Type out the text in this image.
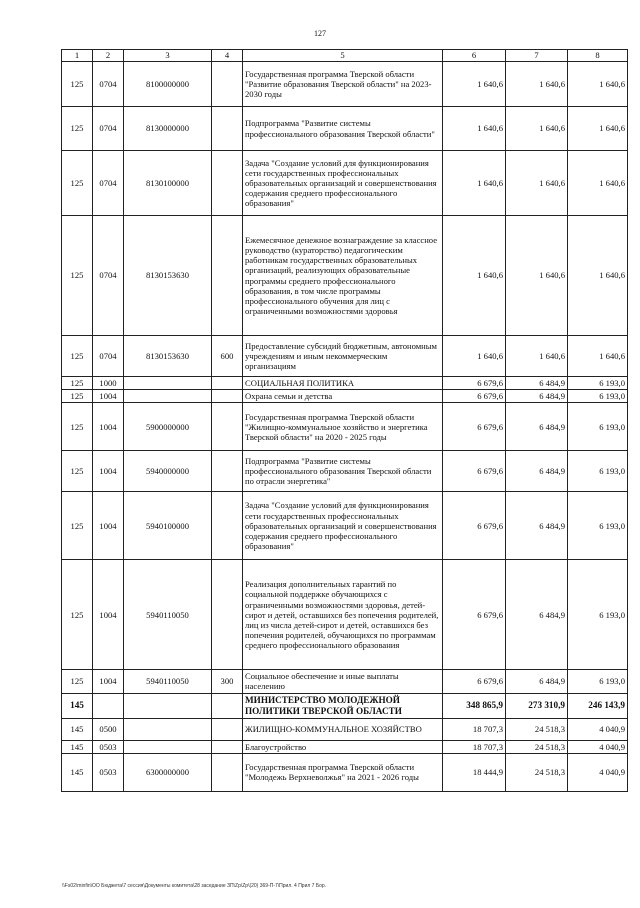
127
1	2	3	4	5	6	7	8
125	0704	8100000000		Государственная программа Тверской области "Развитие образования Тверской области" на 2023-2030 годы	1 640,6	1 640,6	1 640,6
125	0704	8130000000		Подпрограмма "Развитие системы профессионального образования Тверской области"	1 640,6	1 640,6	1 640,6
125	0704	8130100000		Задача "Создание условий для функционирования сети государственных профессиональных образовательных организаций и совершенствования содержания среднего профессионального образования"	1 640,6	1 640,6	1 640,6
125	0704	8130153630		Ежемесячное денежное вознаграждение за классное руководство (кураторство) педагогическим работникам государственных образовательных организаций, реализующих образовательные программы среднего профессионального образования, в том числе программы профессионального обучения для лиц с ограниченными возможностями здоровья	1 640,6	1 640,6	1 640,6
125	0704	8130153630	600	Предоставление субсидий бюджетным, автономным учреждениям и иным некоммерческим организациям	1 640,6	1 640,6	1 640,6
125	1000			СОЦИАЛЬНАЯ ПОЛИТИКА	6 679,6	6 484,9	6 193,0
125	1004			Охрана семьи и детства	6 679,6	6 484,9	6 193,0
125	1004	5900000000		Государственная программа Тверской области "Жилищно-коммунальное хозяйство и энергетика Тверской области" на 2020 - 2025 годы	6 679,6	6 484,9	6 193,0
125	1004	5940000000		Подпрограмма "Развитие системы профессионального образования Тверской области по отрасли энергетика"	6 679,6	6 484,9	6 193,0
125	1004	5940100000		Задача "Создание условий для функционирования сети государственных профессиональных образовательных организаций и совершенствования содержания среднего профессионального образования"	6 679,6	6 484,9	6 193,0
125	1004	5940110050		Реализация дополнительных гарантий по социальной поддержке обучающихся с ограниченными возможностями здоровья, детей-сирот и детей, оставшихся без попечения родителей, лиц из числа детей-сирот и детей, оставшихся без попечения родителей, обучающихся по программам среднего профессионального образования	6 679,6	6 484,9	6 193,0
125	1004	5940110050	300	Социальное обеспечение и иные выплаты населению	6 679,6	6 484,9	6 193,0
145				МИНИСТЕРСТВО МОЛОДЕЖНОЙ ПОЛИТИКИ ТВЕРСКОЙ ОБЛАСТИ	348 865,9	273 310,9	246 143,9
145	0500			ЖИЛИЩНО-КОММУНАЛЬНОЕ ХОЗЯЙСТВО	18 707,3	24 518,3	4 040,9
145	0503			Благоустройство	18 707,3	24 518,3	4 040,9
145	0503	6300000000		Государственная программа Тверской области "Молодежь Верхневолжья" на 2021 - 2026 годы	18 444,9	24 518,3	4 040,9
\\Fs02\minfin\ОО Бюджета\7 сессия\Документы комитета\28 заседание ЗП\Zp\Zp\(20) 369-П-7\Прил. 4 Прил 7 Бор.
